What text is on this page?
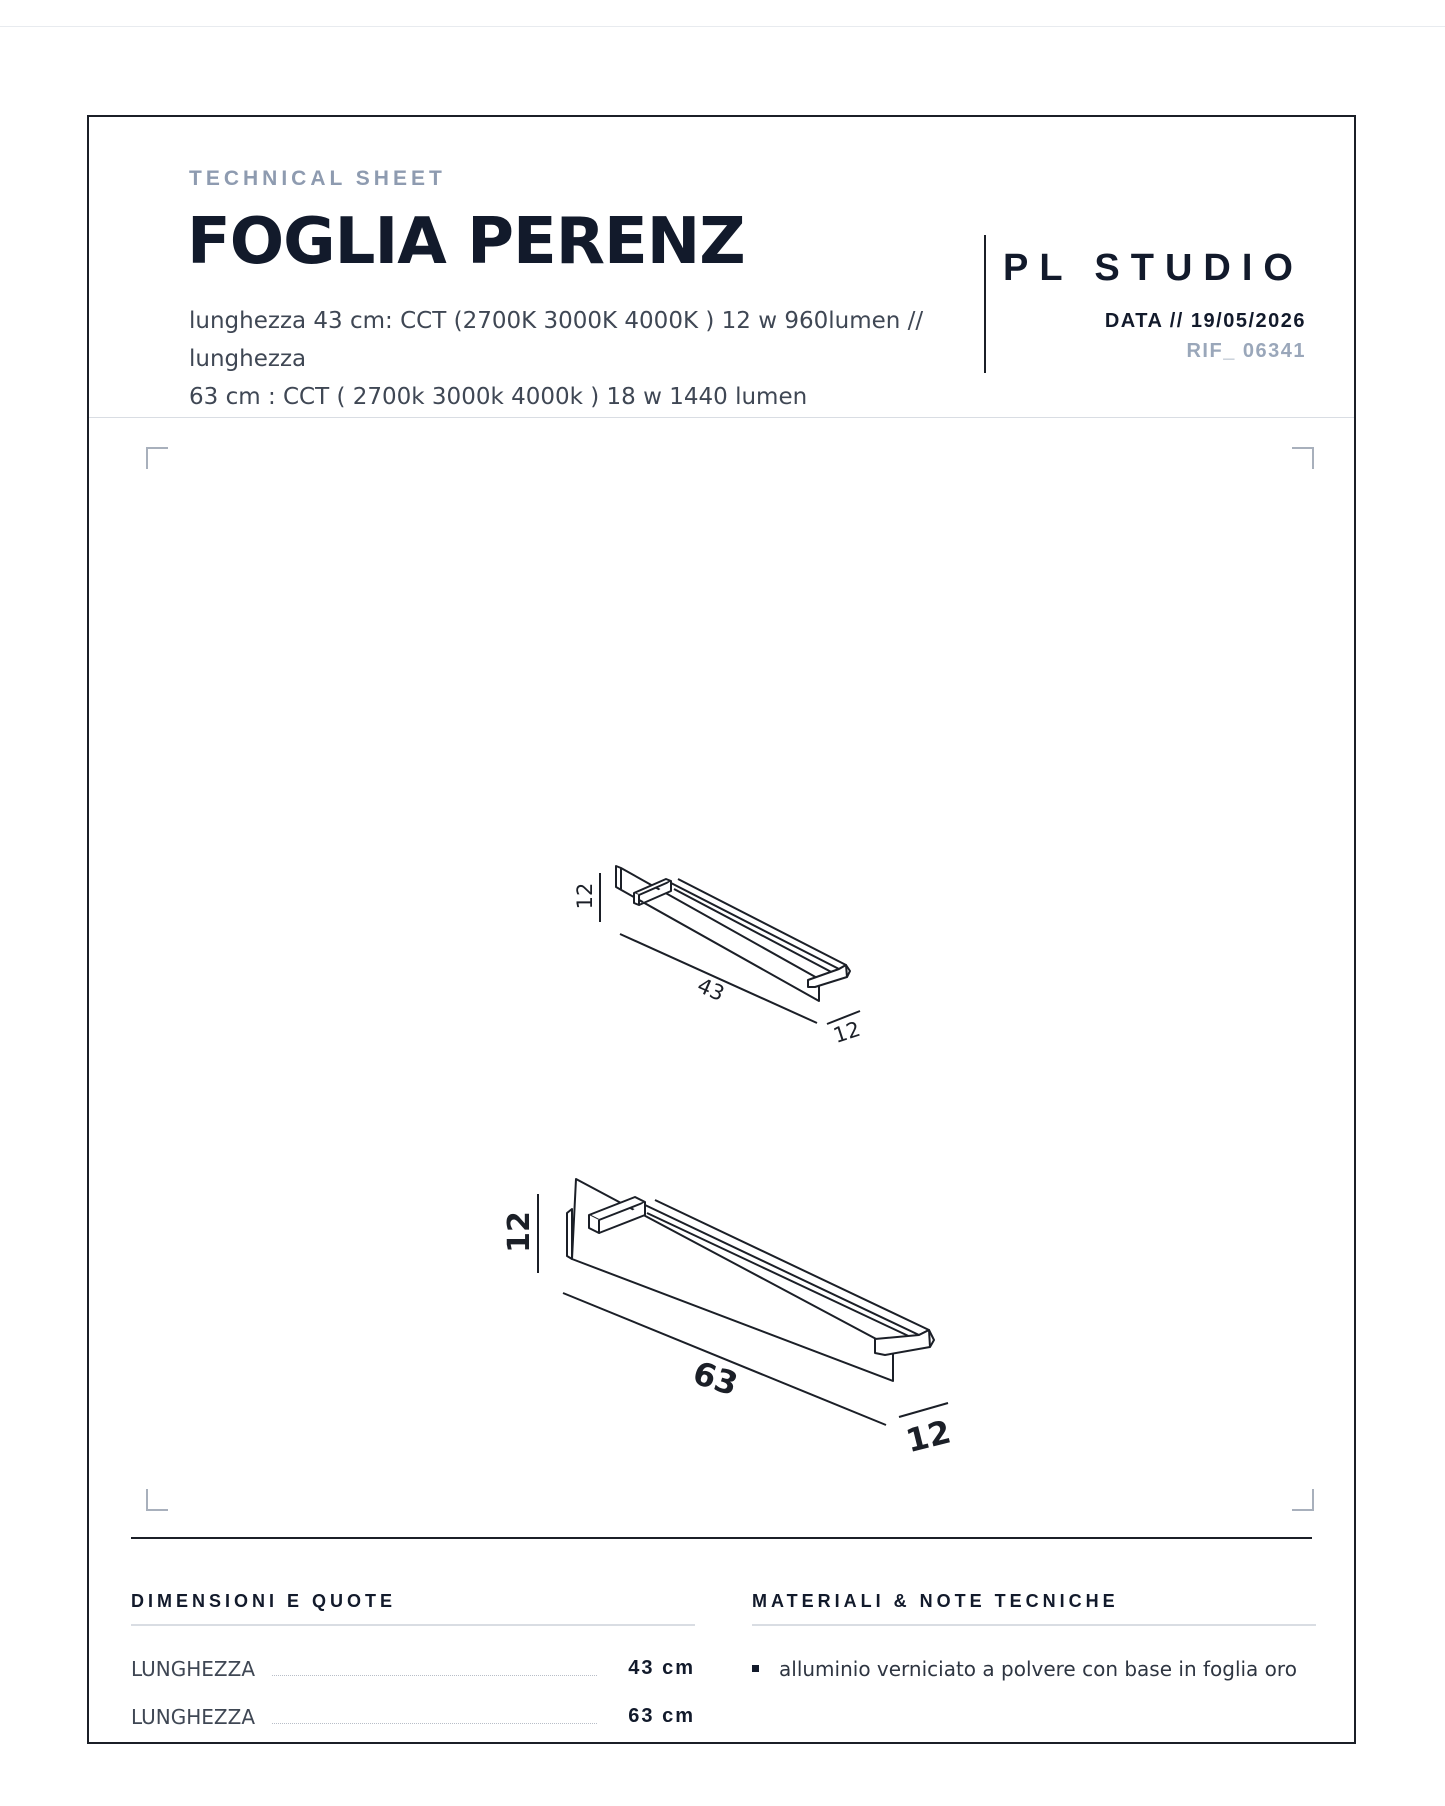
TECHNICAL SHEET
FOGLIA PERENZ
lunghezza 43 cm: CCT (2700K 3000K 4000K ) 12 w 960lumen // lunghezza
63 cm : CCT ( 2700k 3000k 4000k ) 18 w 1440 lumen
PL STUDIO
DATA // 19/05/2026
RIF_ 06341
12
43
12
12
63
12
DIMENSIONI E QUOTE
LUNGHEZZA	43 cm
LUNGHEZZA	63 cm
MATERIALI & NOTE TECNICHE
alluminio verniciato a polvere con base in foglia oro
